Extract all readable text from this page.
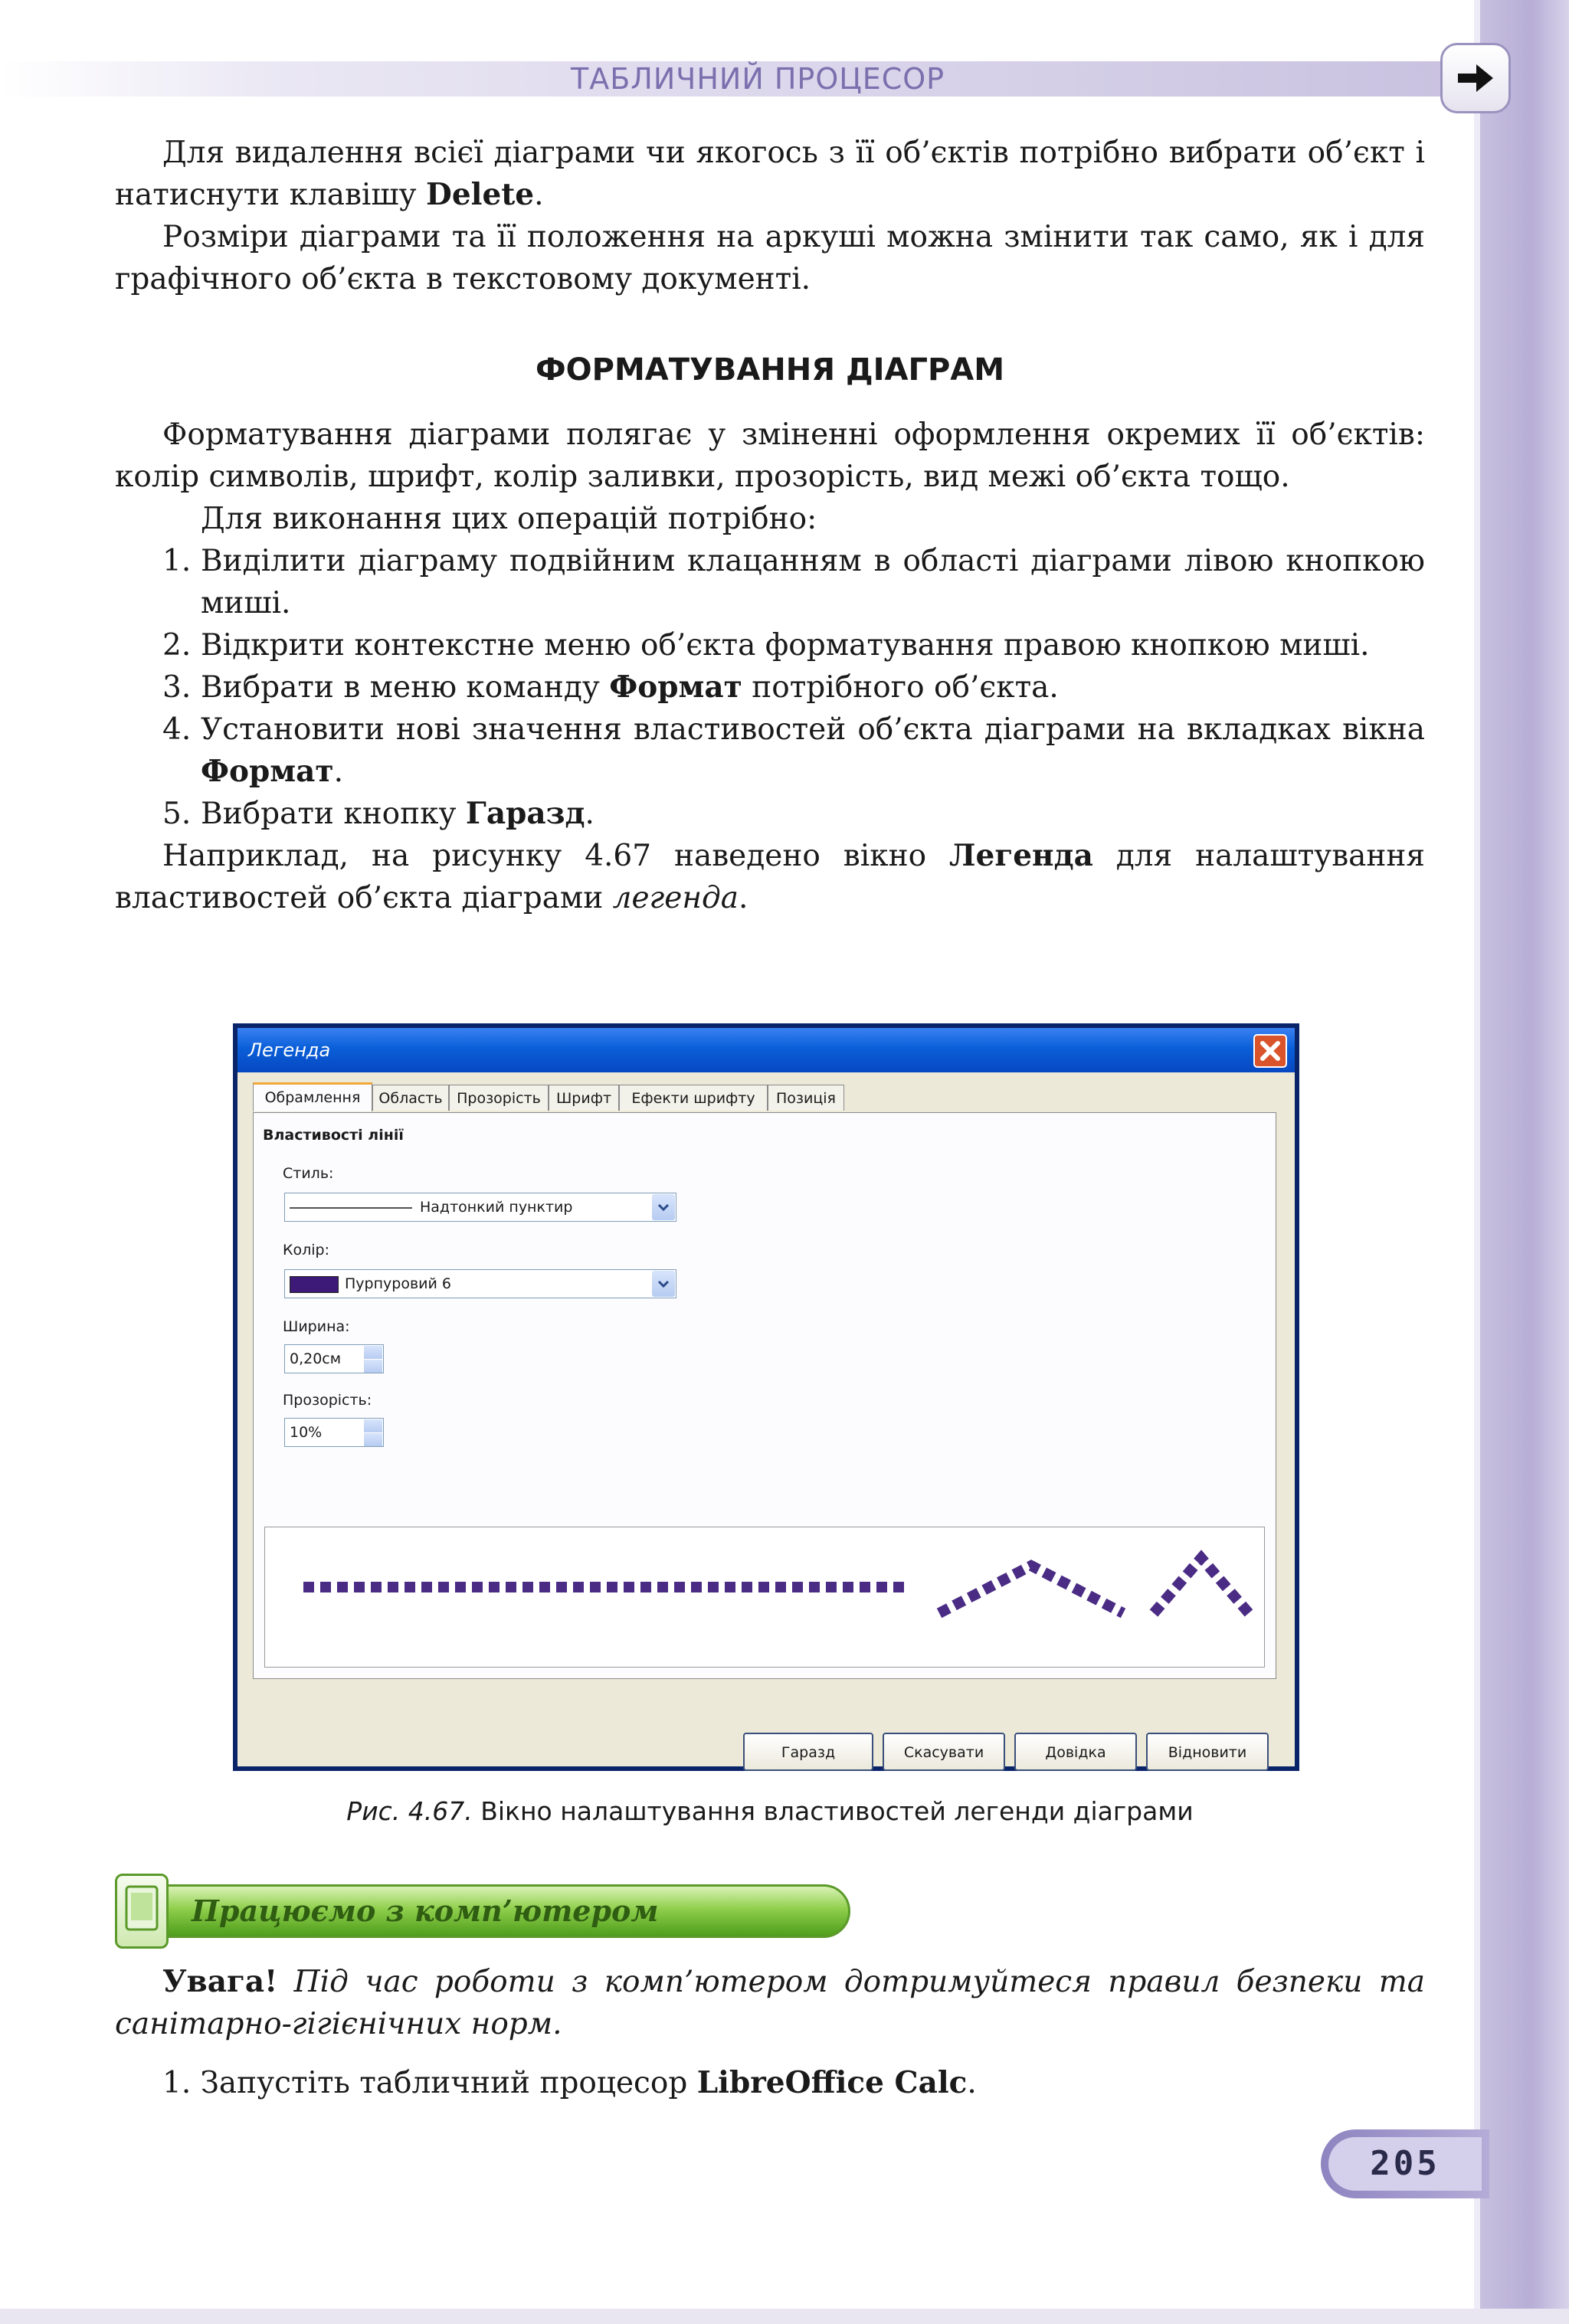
ТАБЛИЧНИЙ ПРОЦЕСОР

Для видалення всієї діаграми чи якогось з її об’єктів потрібно вибрати об’єкт і натиснути клавішу Delete.

Розміри діаграми та її положення на аркуші можна змінити так само, як і для графічного об’єкта в текстовому документі.

ФОРМАТУВАННЯ ДІАГРАМ

Форматування діаграми полягає у зміненні оформлення окремих її об’єктів: колір символів, шрифт, колір заливки, прозорість, вид межі об’єкта тощо.

Для виконання цих операцій потрібно:

1. Виділити діаграму подвійним клацанням в області діаграми лівою кнопкою миші.
2. Відкрити контекстне меню об’єкта форматування правою кнопкою миші.
3. Вибрати в меню команду Формат потрібного об’єкта.
4. Установити нові значення властивостей об’єкта діаграми на вкладках вікна Формат.
5. Вибрати кнопку Гаразд.

Наприклад, на рисунку 4.67 наведено вікно Легенда для налаштування властивостей об’єкта діаграми легенда.

Легенда
Обрамлення	Область Прозорість	Шрифт	Ефекти шрифту	Позиція
Властивості лінії
Стиль:
Надтонкий пунктир
Колір:
Пурпуровий 6
Ширина:
0,20см
Прозорість:
10%
Гаразд	Скасувати	Довідка	Відновити
Рис. 4.67. Вікно налаштування властивостей легенди діаграми
Працюємо з комп’ютером

Увага! Під час роботи з комп’ютером дотримуйтеся правил безпеки та санітарно-гігієнічних норм.

1. Запустіть табличний процесор LibreOffice Calc.

205
